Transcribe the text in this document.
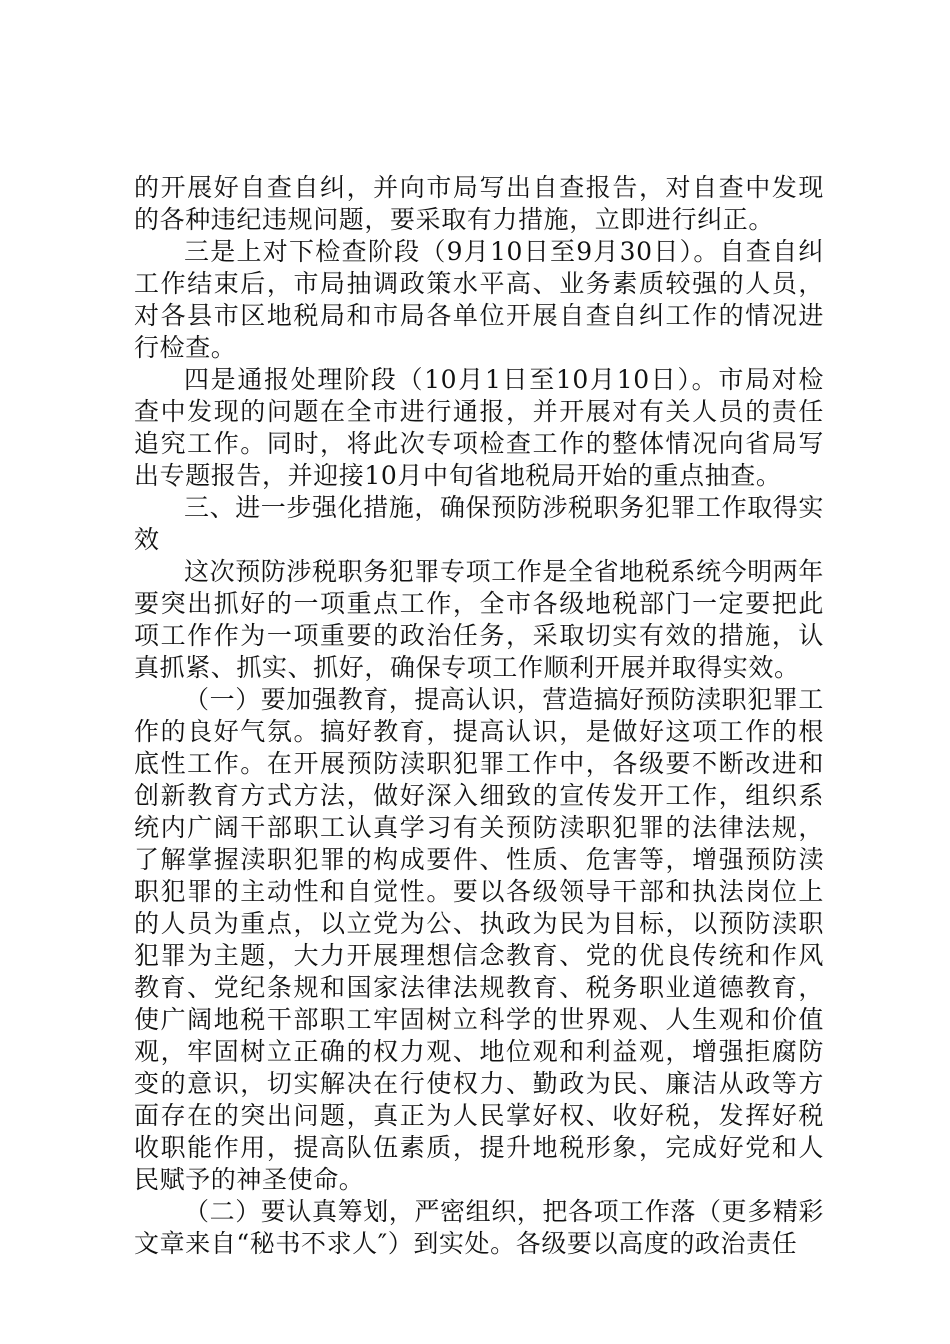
的开展好自查自纠，并向市局写出自查报告，对自查中发现的各种违纪违规问题，要采取有力措施，立即进行纠正。

三是上对下检查阶段（9月10日至9月30日）。自查自纠工作结束后，市局抽调政策水平高、业务素质较强的人员，对各县市区地税局和市局各单位开展自查自纠工作的情况进行检查。

四是通报处理阶段（10月1日至10月10日）。市局对检查中发现的问题在全市进行通报，并开展对有关人员的责任追究工作。同时，将此次专项检查工作的整体情况向省局写出专题报告，并迎接10月中旬省地税局开始的重点抽查。

三、进一步强化措施，确保预防涉税职务犯罪工作取得实效

这次预防涉税职务犯罪专项工作是全省地税系统今明两年要突出抓好的一项重点工作，全市各级地税部门一定要把此项工作作为一项重要的政治任务，采取切实有效的措施，认真抓紧、抓实、抓好，确保专项工作顺利开展并取得实效。

（一）要加强教育，提高认识，营造搞好预防渎职犯罪工作的良好气氛。搞好教育，提高认识，是做好这项工作的根底性工作。在开展预防渎职犯罪工作中，各级要不断改进和创新教育方式方法，做好深入细致的宣传发开工作，组织系统内广阔干部职工认真学习有关预防渎职犯罪的法律法规，了解掌握渎职犯罪的构成要件、性质、危害等，增强预防渎职犯罪的主动性和自觉性。要以各级领导干部和执法岗位上的人员为重点，以立党为公、执政为民为目标，以预防渎职犯罪为主题，大力开展理想信念教育、党的优良传统和作风教育、党纪条规和国家法律法规教育、税务职业道德教育，使广阔地税干部职工牢固树立科学的世界观、人生观和价值观，牢固树立正确的权力观、地位观和利益观，增强拒腐防变的意识，切实解决在行使权力、勤政为民、廉洁从政等方面存在的突出问题，真正为人民掌好权、收好税，发挥好税收职能作用，提高队伍素质，提升地税形象，完成好党和人民赋予的神圣使命。

（二）要认真筹划，严密组织，把各项工作落（更多精彩文章来自“秘书不求人″）到实处。各级要以高度的政治责任
